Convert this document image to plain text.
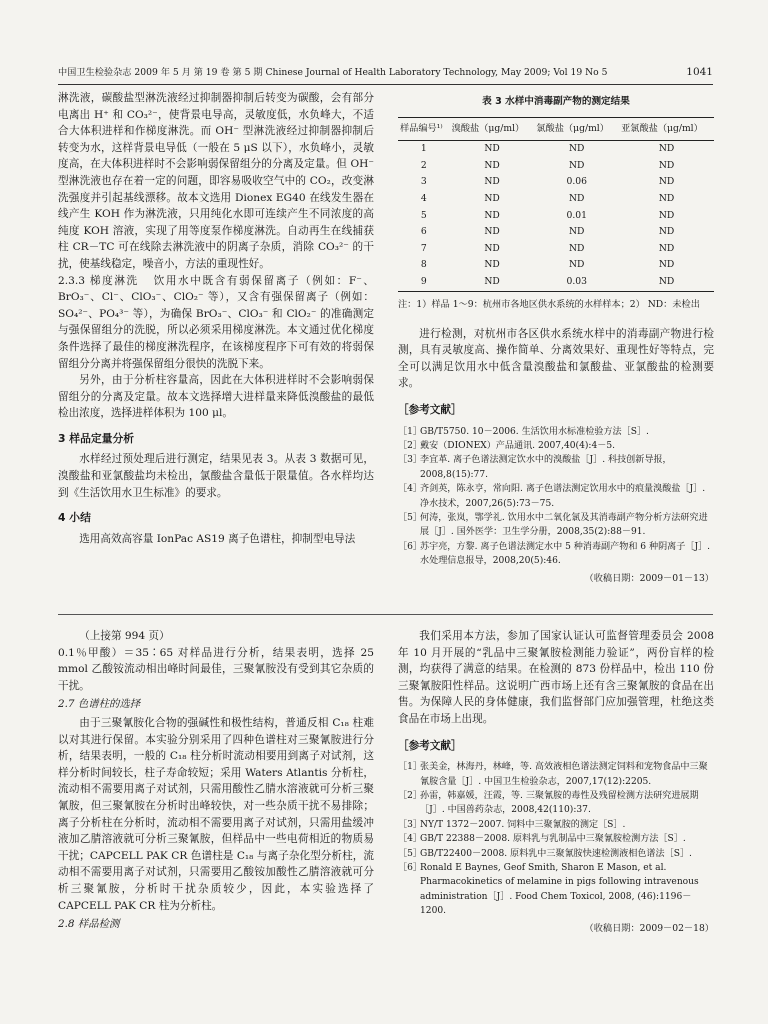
中国卫生检验杂志 2009 年 5 月 第 19 卷 第 5 期 Chinese Journal of Health Laboratory Technology, May 2009; Vol 19 No 5	1041

淋洗液，碳酸盐型淋洗液经过抑制器抑制后转变为碳酸，会有部分电离出 H⁺ 和 CO₃²⁻，使背景电导高，灵敏度低，水负峰大，不适合大体积进样和作梯度淋洗。而 OH⁻ 型淋洗液经过抑制器抑制后转变为水，这样背景电导低（一般在 5 μS 以下），水负峰小，灵敏度高，在大体积进样时不会影响弱保留组分的分离及定量。但 OH⁻ 型淋洗液也存在着一定的问题，即容易吸收空气中的 CO₂，改变淋洗强度并引起基线漂移。故本文选用 Dionex EG40 在线发生器在线产生 KOH 作为淋洗液，只用纯化水即可连续产生不同浓度的高纯度 KOH 溶液，实现了用等度泵作梯度淋洗。自动再生在线捕获柱 CR－TC 可在线除去淋洗液中的阴离子杂质，消除 CO₃²⁻ 的干扰，使基线稳定，噪音小，方法的重现性好。

2.3.3 梯度淋洗 饮用水中既含有弱保留离子（例如：F⁻、BrO₃⁻、Cl⁻、ClO₃⁻、ClO₂⁻ 等），又含有强保留离子（例如：SO₄²⁻、PO₄³⁻ 等），为确保 BrO₃⁻、ClO₃⁻ 和 ClO₂⁻ 的准确测定与强保留组分的洗脱，所以必须采用梯度淋洗。本文通过优化梯度条件选择了最佳的梯度淋洗程序，在该梯度程序下可有效的将弱保留组分分离并将强保留组分很快的洗脱下来。

另外，由于分析柱容量高，因此在大体积进样时不会影响弱保留组分的分离及定量。故本文选择增大进样量来降低溴酸盐的最低检出浓度，选择进样体积为 100 μl。

3 样品定量分析

水样经过预处理后进行测定，结果见表 3。从表 3 数据可见，溴酸盐和亚氯酸盐均未检出，氯酸盐含量低于限量值。各水样均达到《生活饮用水卫生标准》的要求。

4 小结

选用高效高容量 IonPac AS19 离子色谱柱，抑制型电导法

表 3 水样中消毒副产物的测定结果
样品编号¹⁾	溴酸盐（μg/ml）	氯酸盐（μg/ml）	亚氯酸盐（μg/ml）
1	ND	ND	ND
2	ND	ND	ND
3	ND	0.06	ND
4	ND	ND	ND
5	ND	0.01	ND
6	ND	ND	ND
7	ND	ND	ND
8	ND	ND	ND
9	ND	0.03	ND
注：1）样品 1～9：杭州市各地区供水系统的水样样本；2） ND：未检出

进行检测，对杭州市各区供水系统水样中的消毒副产物进行检测，具有灵敏度高、操作简单、分离效果好、重现性好等特点，完全可以满足饮用水中低含量溴酸盐和氯酸盐、亚氯酸盐的检测要求。

［参考文献］
［1］
GB/T5750. 10－2006. 生活饮用水标准检验方法［S］.
［2］
戴安（DIONEX）产品通讯. 2007,40(4):4－5.
［3］
李宜革. 离子色谱法测定饮水中的溴酸盐［J］. 科技创新导报，2008,8(15):77.
［4］
齐剑英，陈永亨，常向阳. 离子色谱法测定饮用水中的痕量溴酸盐［J］. 净水技术，2007,26(5):73－75.
［5］
何涛，张岚，鄂学礼. 饮用水中二氧化氯及其消毒副产物分析方法研究进展［J］. 国外医学：卫生学分册，2008,35(2):88－91.
［6］
苏宇亮，方黎. 离子色谱法测定水中 5 种消毒副产物和 6 种阴离子［J］. 水处理信息报导，2008,20(5):46.
（收稿日期：2009－01－13）

（上接第 994 页）

0.1％甲酸）＝35∶65 对样品进行分析，结果表明，选择 25 mmol 乙酸铵流动相出峰时间最佳，三聚氰胺没有受到其它杂质的干扰。

2.7 色谱柱的选择

由于三聚氰胺化合物的强碱性和极性结构，普通反相 C₁₈ 柱难以对其进行保留。本实验分别采用了四种色谱柱对三聚氰胺进行分析，结果表明，一般的 C₁₈ 柱分析时流动相要用到离子对试剂，这样分析时间较长，柱子寿命较短；采用 Waters Atlantis 分析柱，流动相不需要用离子对试剂，只需用酸性乙腈水溶液就可分析三聚氰胺，但三聚氰胺在分析时出峰较快，对一些杂质干扰不易排除；离子分析柱在分析时，流动相不需要用离子对试剂，只需用盐缓冲液加乙腈溶液就可分析三聚氰胺，但样品中一些电荷相近的物质易干扰；CAPCELL PAK CR 色谱柱是 C₁₈ 与离子杂化型分析柱，流动相不需要用离子对试剂，只需要用乙酸铵加酸性乙腈溶液就可分析三聚氰胺，分析时干扰杂质较少，因此，本实验选择了 CAPCELL PAK CR 柱为分析柱。

2.8 样品检测

我们采用本方法，参加了国家认证认可监督管理委员会 2008 年 10 月开展的“乳品中三聚氰胺检测能力验证”，两份盲样的检测，均获得了满意的结果。在检测的 873 份样品中，检出 110 份三聚氰胺阳性样品。这说明广西市场上还有含三聚氰胺的食品在出售。为保障人民的身体健康，我们监督部门应加强管理，杜绝这类食品在市场上出现。

［参考文献］
［1］
张美金，林海丹，林峰，等. 高效液相色谱法测定饲料和宠物食品中三聚氰胺含量［J］. 中国卫生检验杂志，2007,17(12):2205.
［2］
孙雷，韩嘉媛，汪霞，等. 三聚氰胺的毒性及残留检测方法研究进展期［J］. 中国兽药杂志，2008,42(110):37.
［3］
NY/T 1372－2007. 饲料中三聚氰胺的测定［S］.
［4］
GB/T 22388－2008. 原料乳与乳制品中三聚氰胺检测方法［S］.
［5］
GB/T22400－2008. 原料乳中三聚氰胺快速检测液相色谱法［S］.
［6］
Ronald E Baynes, Geof Smith, Sharon E Mason, et al. Pharmacokinetics of melamine in pigs following intravenous administration［J］. Food Chem Toxicol, 2008, (46):1196－1200.
（收稿日期：2009－02－18）
